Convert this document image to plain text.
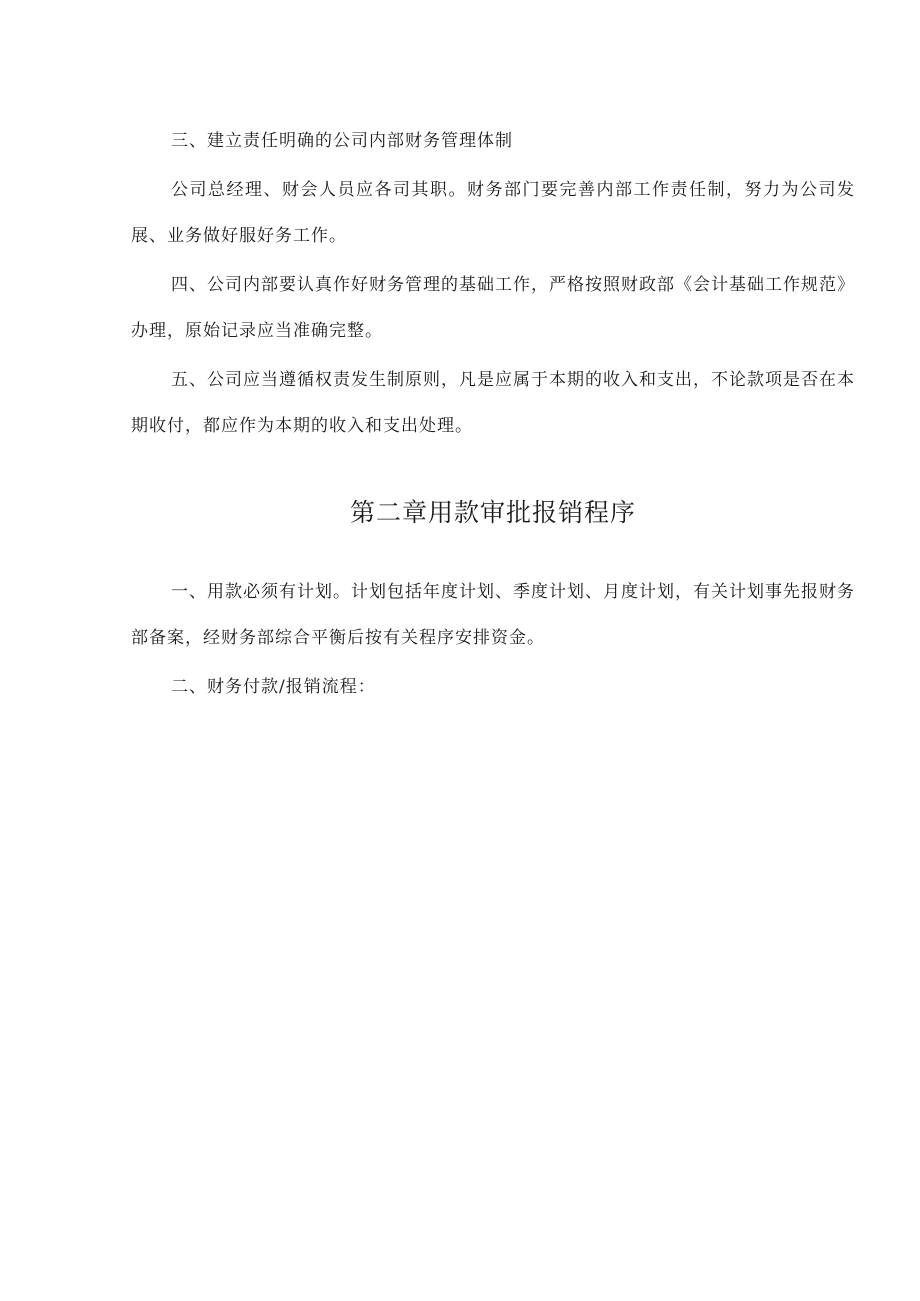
三、建立责任明确的公司内部财务管理体制

公司总经理、财会人员应各司其职。财务部门要完善内部工作责任制，努力为公司发展、业务做好服好务工作。

四、公司内部要认真作好财务管理的基础工作，严格按照财政部《会计基础工作规范》办理，原始记录应当准确完整。

五、公司应当遵循权责发生制原则，凡是应属于本期的收入和支出，不论款项是否在本期收付，都应作为本期的收入和支出处理。

第二章用款审批报销程序

一、用款必须有计划。计划包括年度计划、季度计划、月度计划，有关计划事先报财务部备案，经财务部综合平衡后按有关程序安排资金。

二、财务付款/报销流程：
